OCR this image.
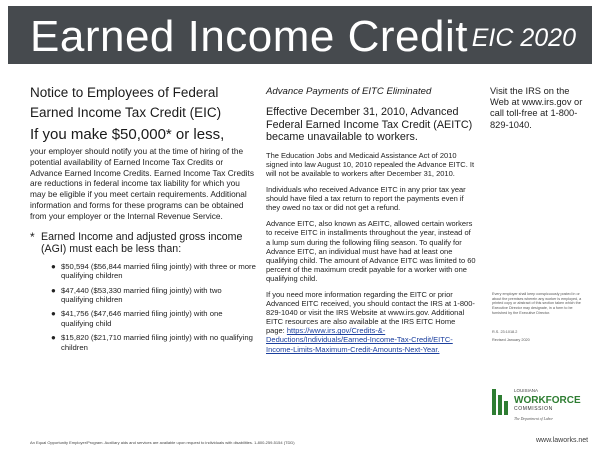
Earned Income Credit EIC 2020
Notice to Employees of Federal
Earned Income Tax Credit (EIC)
If you make $50,000* or less,
your employer should notify you at the time of hiring of the potential availability of Earned Income Tax Credits or Advance Earned Income Credits. Earned Income Tax Credits are reductions in federal income tax liability for which you may be eligible if you meet certain requirements. Additional information and forms for these programs can be obtained from your employer or the Internal Revenue Service.
* Earned Income and adjusted gross income (AGI) must each be less than:
● $50,594 ($56,844 married filing jointly) with three or more qualifying children
● $47,440 ($53,330 married filing jointly) with two qualifying children
● $41,756 ($47,646 married filing jointly) with one qualifying child
● $15,820 ($21,710 married filing jointly) with no qualifying children
Advance Payments of EITC Eliminated
Effective December 31, 2010, Advanced Federal Earned Income Tax Credit (AEITC) became unavailable to workers.
The Education Jobs and Medicaid Assistance Act of 2010 signed into law August 10, 2010 repealed the Advance EITC. It will not be available to workers after December 31, 2010.
Individuals who received Advance EITC in any prior tax year should have filed a tax return to report the payments even if they owed no tax or did not get a refund.
Advance EITC, also known as AEITC, allowed certain workers to receive EITC in installments throughout the year, instead of a lump sum during the following filing season. To qualify for Advance EITC, an individual must have had at least one qualifying child. The amount of Advance EITC was limited to 60 percent of the maximum credit payable for a worker with one qualifying child.
If you need more information regarding the EITC or prior Advanced EITC received, you should contact the IRS at 1-800-829-1040 or visit the IRS Website at www.irs.gov. Additional EITC resources are also available at the IRS EITC Home page: https://www.irs.gov/Credits-&-Deductions/Individuals/Earned-Income-Tax-Credit/EITC-Income-Limits-Maximum-Credit-Amounts-Next-Year.
Visit the IRS on the Web at www.irs.gov or call toll-free at 1-800-829-1040.
Every employer shall keep conspicuously posted in or about the premises wherein any worker is employed, a printed copy or abstract of this section taken which the Executive Director may designate, in a form to be furnished by the Executive Director.
R.S. 23:1018.2
Revised January 2020
LOUISIANA
WORKFORCE
COMMISSION
The Department of Labor
www.laworks.net
An Equal Opportunity Employer/Program. Auxiliary aids and services are available upon request to individuals with disabilities. 1-800-259-5154 (TDD)
